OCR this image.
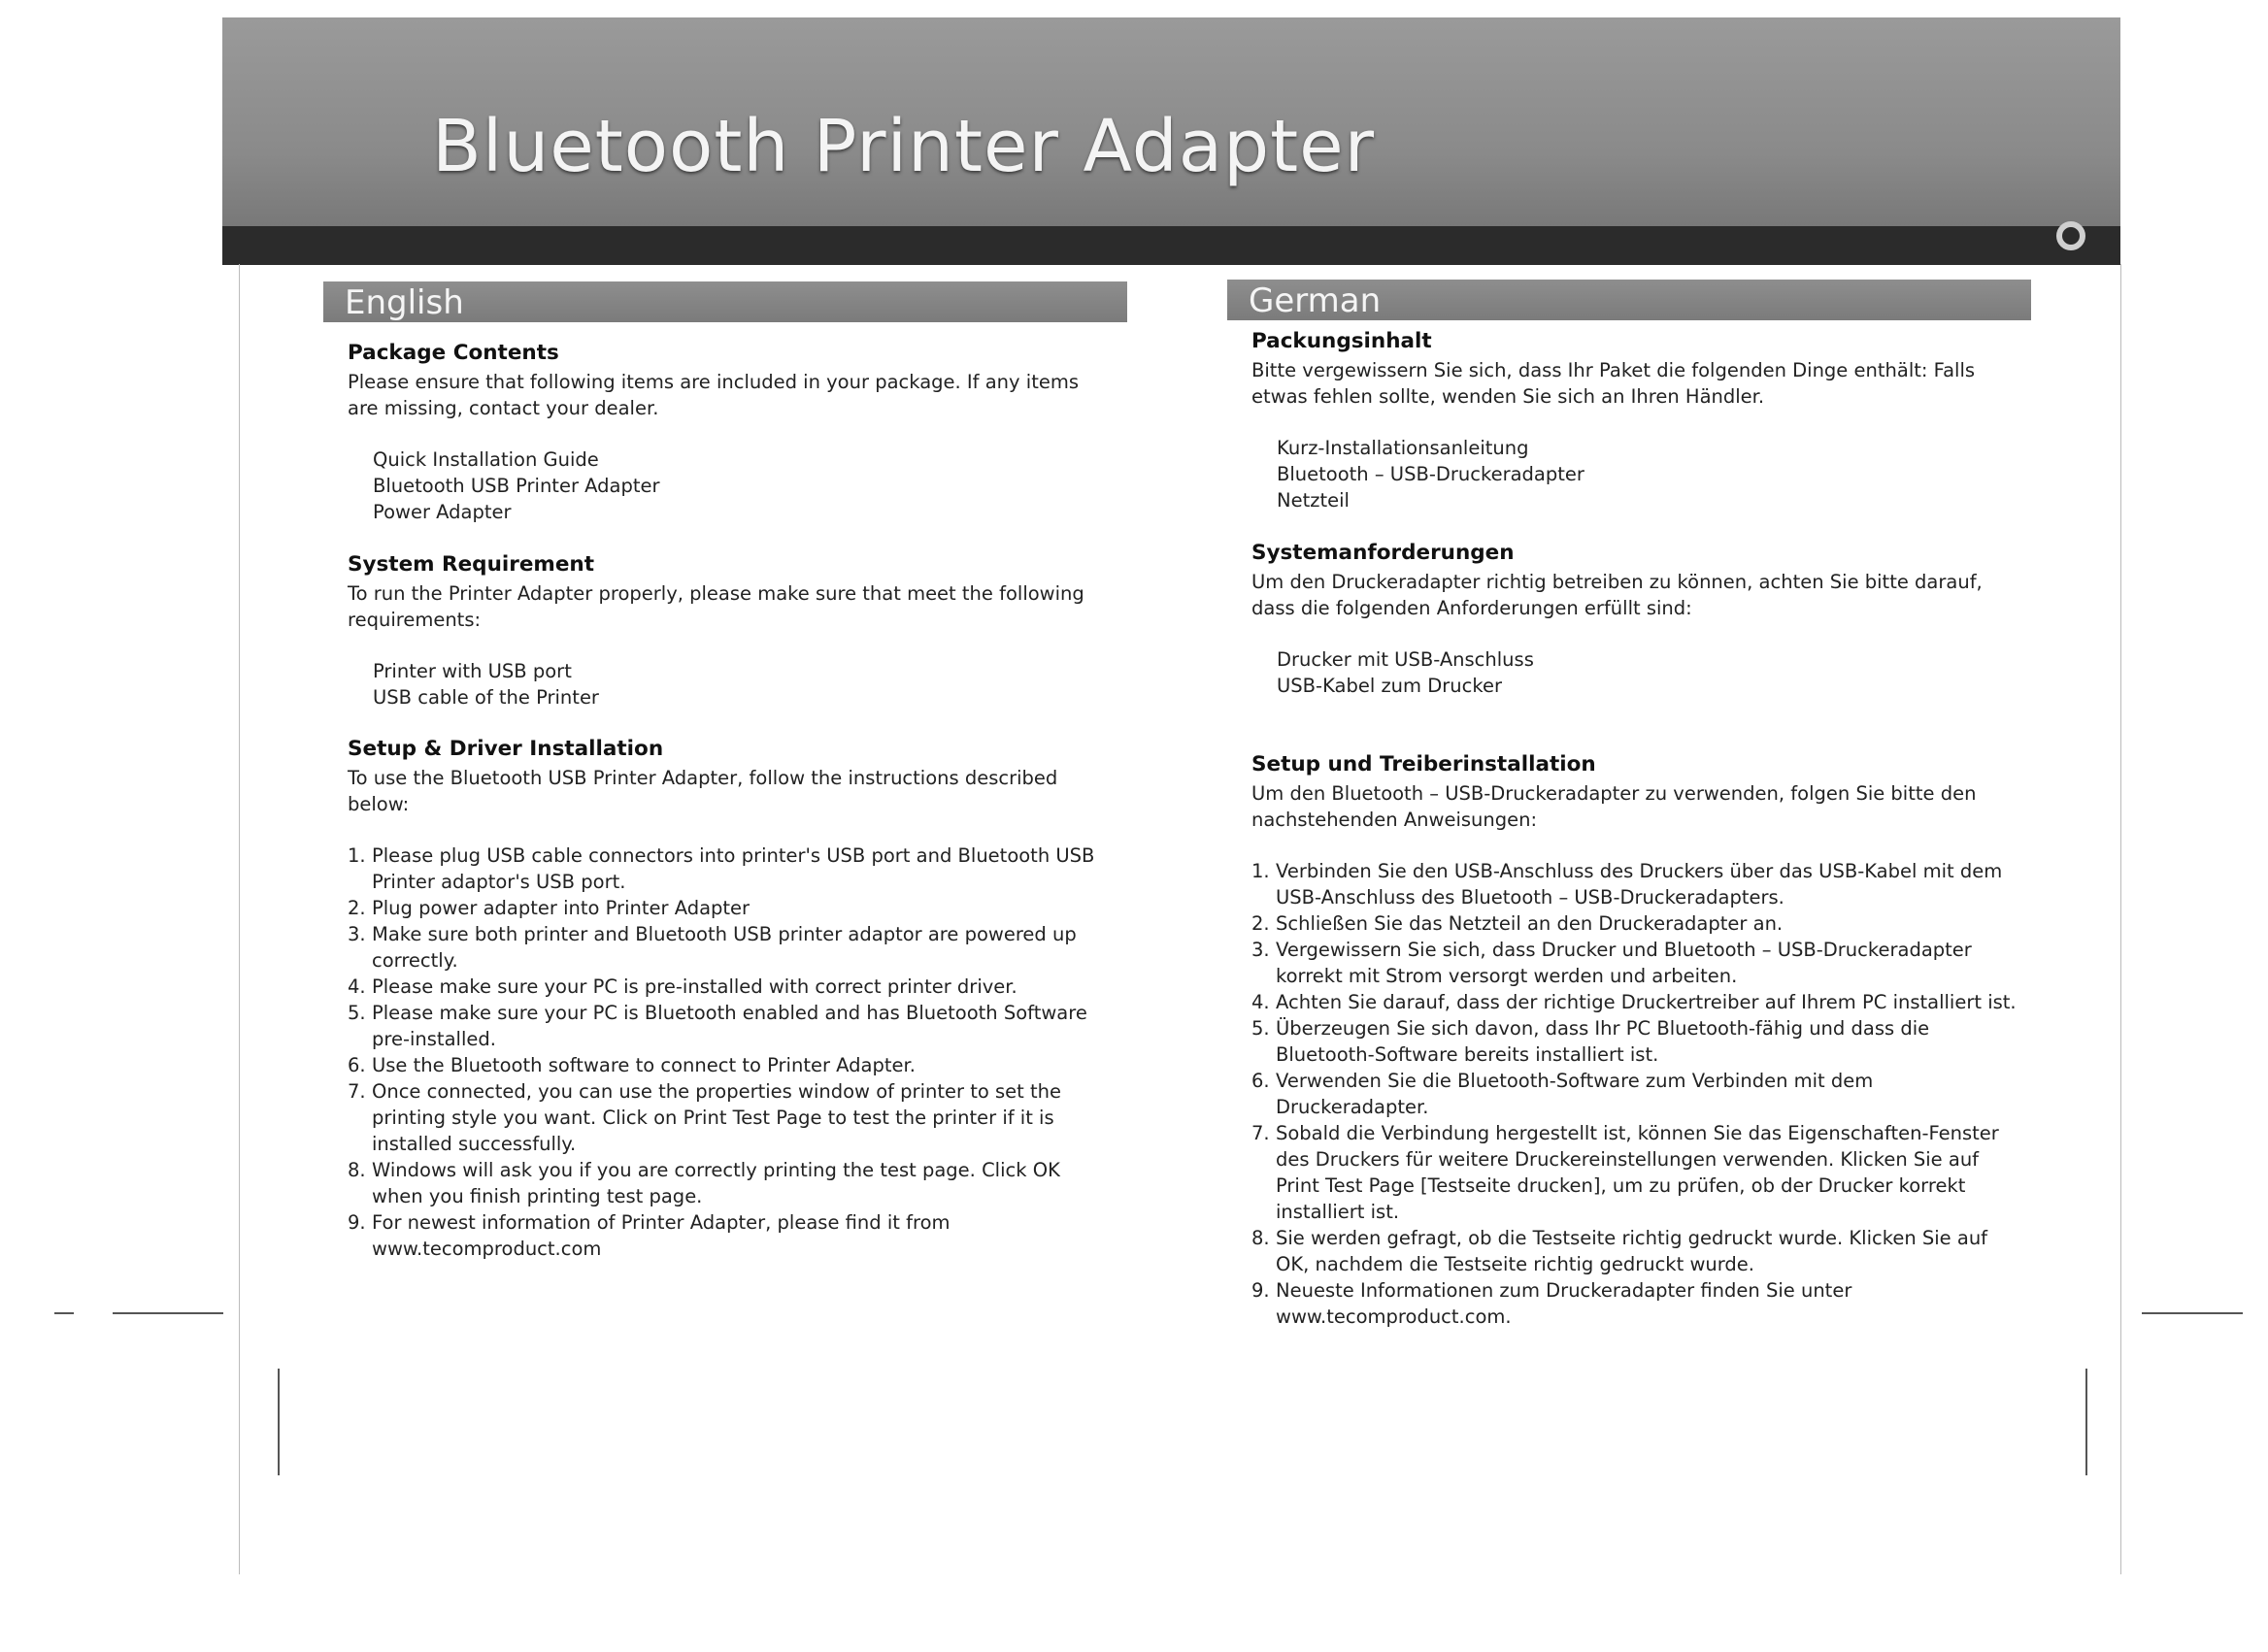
Bluetooth Printer Adapter
English
Package Contents

Please ensure that following items are included in your package. If any items are missing, contact your dealer.

Quick Installation Guide
Bluetooth USB Printer Adapter
Power Adapter
System Requirement

To run the Printer Adapter properly, please make sure that meet the following requirements:

Printer with USB port
USB cable of the Printer
Setup & Driver Installation

To use the Bluetooth USB Printer Adapter, follow the instructions described below:

1. Please plug USB cable connectors into printer's USB port and Bluetooth USB Printer adaptor's USB port.
2. Plug power adapter into Printer Adapter
3. Make sure both printer and Bluetooth USB printer adaptor are powered up correctly.
4. Please make sure your PC is pre-installed with correct printer driver.
5. Please make sure your PC is Bluetooth enabled and has Bluetooth Software pre-installed.
6. Use the Bluetooth software to connect to Printer Adapter.
7. Once connected, you can use the properties window of printer to set the printing style you want. Click on Print Test Page to test the printer if it is installed successfully.
8. Windows will ask you if you are correctly printing the test page. Click OK when you finish printing test page.
9. For newest information of Printer Adapter, please find it from www.tecomproduct.com
German
Packungsinhalt

Bitte vergewissern Sie sich, dass Ihr Paket die folgenden Dinge enthält: Falls etwas fehlen sollte, wenden Sie sich an Ihren Händler.

Kurz-Installationsanleitung
Bluetooth – USB-Druckeradapter
Netzteil
Systemanforderungen

Um den Druckeradapter richtig betreiben zu können, achten Sie bitte darauf, dass die folgenden Anforderungen erfüllt sind:

Drucker mit USB-Anschluss
USB-Kabel zum Drucker
Setup und Treiberinstallation

Um den Bluetooth – USB-Druckeradapter zu verwenden, folgen Sie bitte den nachstehenden Anweisungen:

1. Verbinden Sie den USB-Anschluss des Druckers über das USB-Kabel mit dem USB-Anschluss des Bluetooth – USB-Druckeradapters.
2. Schließen Sie das Netzteil an den Druckeradapter an.
3. Vergewissern Sie sich, dass Drucker und Bluetooth – USB-Druckeradapter korrekt mit Strom versorgt werden und arbeiten.
4. Achten Sie darauf, dass der richtige Druckertreiber auf Ihrem PC installiert ist.
5. Überzeugen Sie sich davon, dass Ihr PC Bluetooth-fähig und dass die Bluetooth-Software bereits installiert ist.
6. Verwenden Sie die Bluetooth-Software zum Verbinden mit dem Druckeradapter.
7. Sobald die Verbindung hergestellt ist, können Sie das Eigenschaften-Fenster des Druckers für weitere Druckereinstellungen verwenden. Klicken Sie auf Print Test Page [Testseite drucken], um zu prüfen, ob der Drucker korrekt installiert ist.
8. Sie werden gefragt, ob die Testseite richtig gedruckt wurde. Klicken Sie auf OK, nachdem die Testseite richtig gedruckt wurde.
9. Neueste Informationen zum Druckeradapter finden Sie unter www.tecomproduct.com.
